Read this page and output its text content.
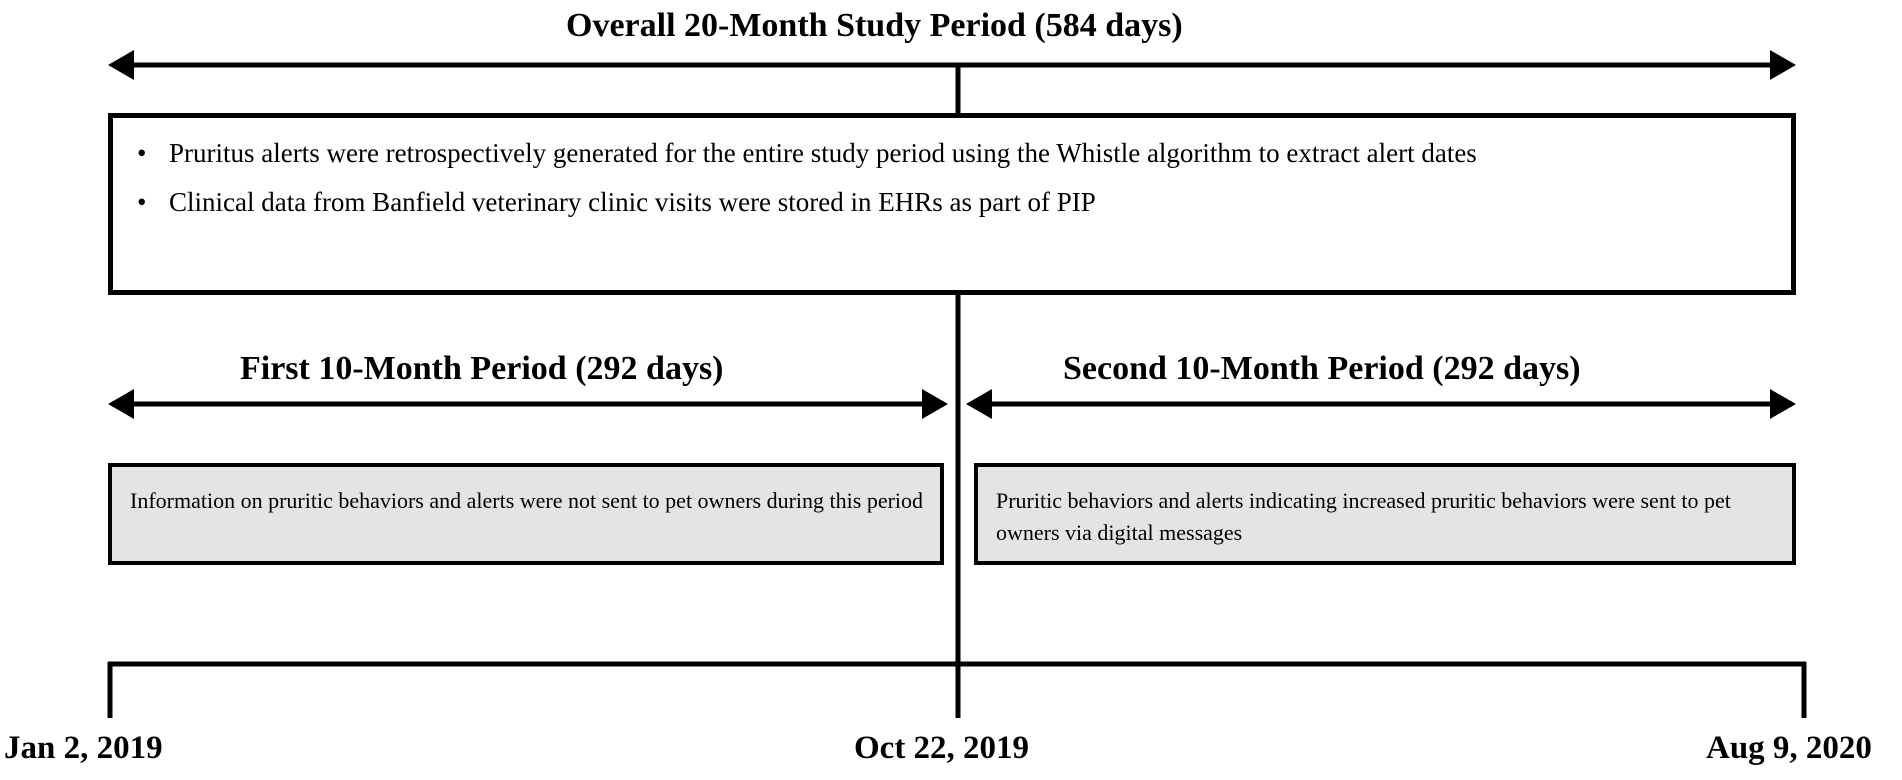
Overall 20-Month Study Period (584 days)
• Pruritus alerts were retrospectively generated for the entire study period using the Whistle algorithm to extract alert dates
• Clinical data from Banfield veterinary clinic visits were stored in EHRs as part of PIP
First 10-Month Period (292 days)	Second 10-Month Period (292 days)
Information on pruritic behaviors and alerts were not sent to pet owners during this period	Pruritic behaviors and alerts indicating increased pruritic behaviors were sent to pet owners via digital messages
Jan 2, 2019	Oct 22, 2019	Aug 9, 2020
